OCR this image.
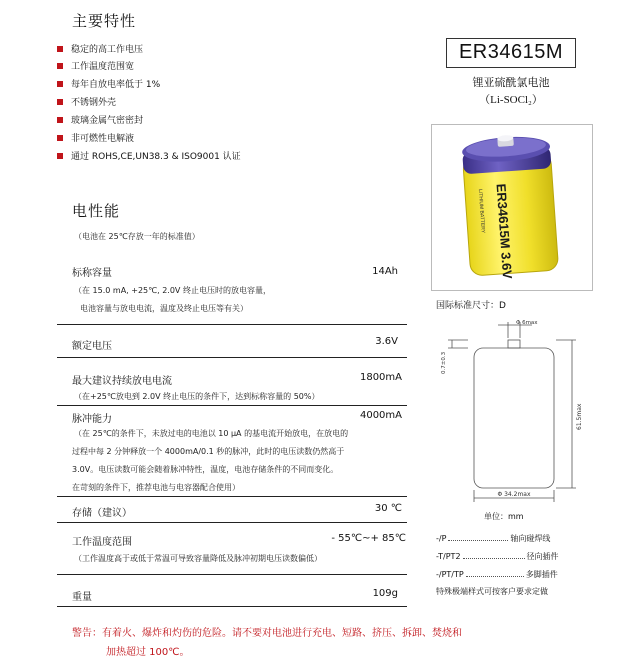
主要特性
稳定的高工作电压
工作温度范围宽
每年自放电率低于 1%
不锈钢外壳
玻璃金属气密密封
非可燃性电解液
通过 ROHS,CE,UN38.3 & ISO9001 认证
电性能
（电池在 25℃存放一年的标准值）
标称容量	14Ah
（在 15.0 mA, +25℃, 2.0V 终止电压时的放电容量，
电池容量与放电电流，温度及终止电压等有关）
额定电压	3.6V
最大建议持续放电电流	1800mA
（在+25℃放电到 2.0V 终止电压的条件下，达到标称容量的 50%）
脉冲能力	4000mA
（在 25℃的条件下，未放过电的电池以 10 μA 的基电流开始放电，在放电的
过程中每 2 分钟释放一个 4000mA/0.1 秒的脉冲，此时的电压读数仍然高于
3.0V。电压读数可能会随着脉冲特性，温度，电池存储条件的不同而变化。
在苛刻的条件下，推荐电池与电容器配合使用）
存储（建议）	30 ℃
工作温度范围	- 55℃~+ 85℃
（工作温度高于或低于常温可导致容量降低及脉冲初期电压读数偏低）
重量	109g
警告：有着火、爆炸和灼伤的危险。请不要对电池进行充电、短路、挤压、拆卸、焚烧和
加热超过 100℃。
ER34615M
锂亚硫酰氯电池
（Li-SOCl₂）
ER34615M 3.6V
LITHIUM BATTERY
国际标准尺寸：D
Φ 6max
0.7±0.3
61.5max
Φ 34.2max
单位：mm
-/P	轴向碰焊线
-T/PT2	径向插件
-/PT/TP	多脚插件
特殊极端样式可按客户要求定做
